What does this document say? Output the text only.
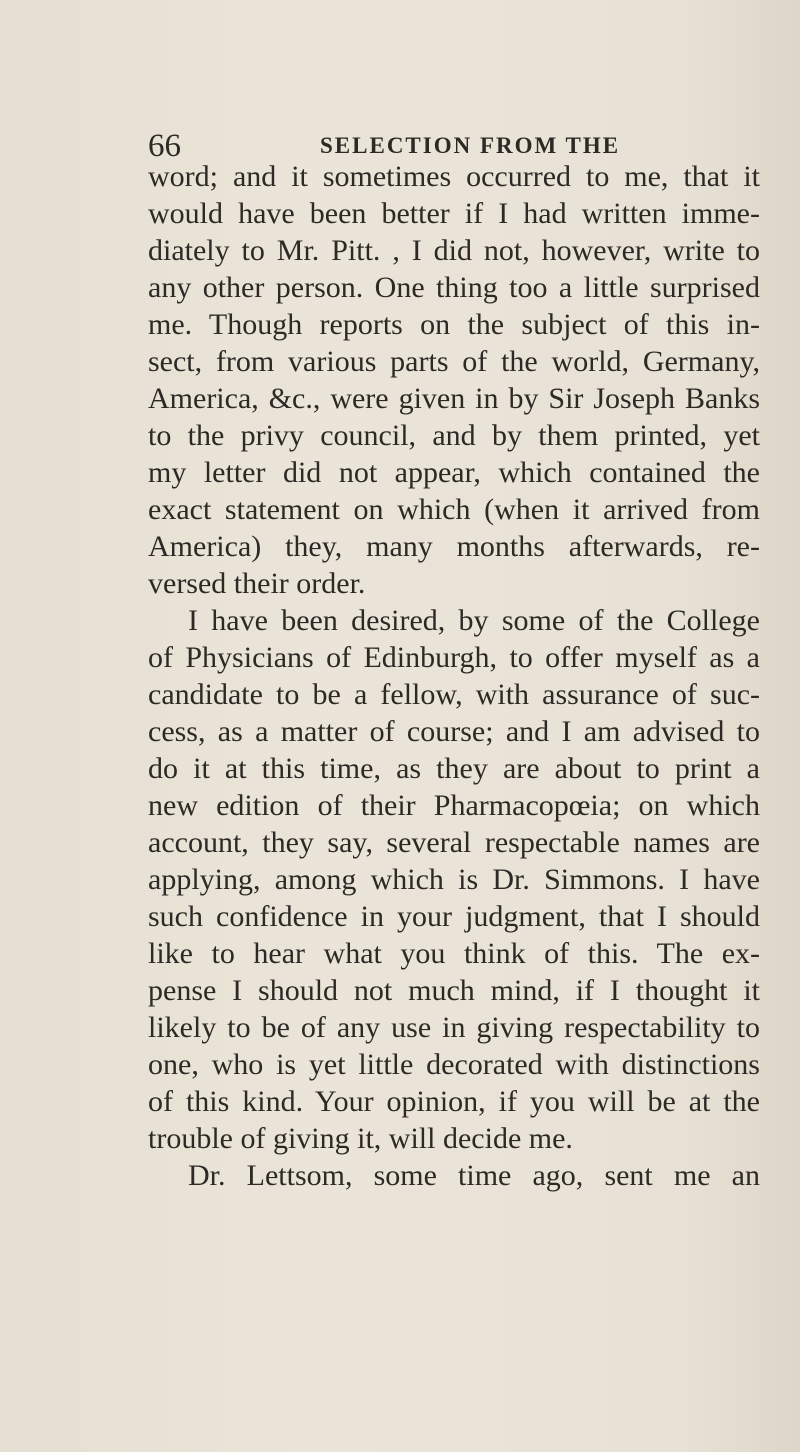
66	SELECTION FROM THE
word; and it sometimes occurred to me, that it
would have been better if I had written imme-
diately to Mr. Pitt. , I did not, however, write to
any other person. One thing too a little surprised
me. Though reports on the subject of this in-
sect, from various parts of the world, Germany,
America, &c., were given in by Sir Joseph Banks
to the privy council, and by them printed, yet
my letter did not appear, which contained the
exact statement on which (when it arrived from
America) they, many months afterwards, re-
versed their order.
I have been desired, by some of the College
of Physicians of Edinburgh, to offer myself as a
candidate to be a fellow, with assurance of suc-
cess, as a matter of course; and I am advised to
do it at this time, as they are about to print a
new edition of their Pharmacopœia; on which
account, they say, several respectable names are
applying, among which is Dr. Simmons. I have
such confidence in your judgment, that I should
like to hear what you think of this. The ex-
pense I should not much mind, if I thought it
likely to be of any use in giving respectability to
one, who is yet little decorated with distinctions
of this kind. Your opinion, if you will be at the
trouble of giving it, will decide me.
Dr. Lettsom, some time ago, sent me an
